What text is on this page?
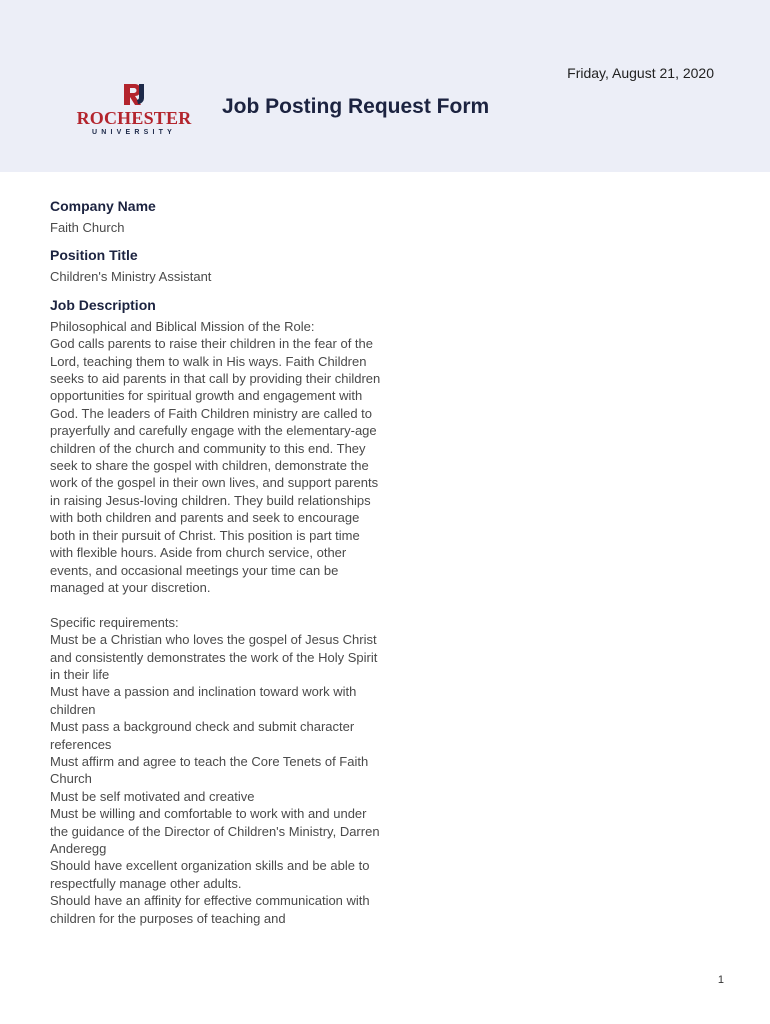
Friday, August 21, 2020
ROCHESTER
UNIVERSITY
Job Posting Request Form
Company Name
Faith Church
Position Title
Children's Ministry Assistant
Job Description
Philosophical and Biblical Mission of the Role:
God calls parents to raise their children in the fear of the Lord, teaching them to walk in His ways. Faith Children seeks to aid parents in that call by providing their children opportunities for spiritual growth and engagement with God. The leaders of Faith Children ministry are called to prayerfully and carefully engage with the elementary-age children of the church and community to this end. They seek to share the gospel with children, demonstrate the work of the gospel in their own lives, and support parents in raising Jesus-loving children. They build relationships with both children and parents and seek to encourage both in their pursuit of Christ. This position is part time with flexible hours. Aside from church service, other events, and occasional meetings your time can be managed at your discretion.

Specific requirements:
Must be a Christian who loves the gospel of Jesus Christ and consistently demonstrates the work of the Holy Spirit in their life
Must have a passion and inclination toward work with children
Must pass a background check and submit character references
Must affirm and agree to teach the Core Tenets of Faith Church
Must be self motivated and creative
Must be willing and comfortable to work with and under the guidance of the Director of Children's Ministry, Darren Anderegg
Should have excellent organization skills and be able to respectfully manage other adults.
Should have an affinity for effective communication with children for the purposes of teaching and
1
